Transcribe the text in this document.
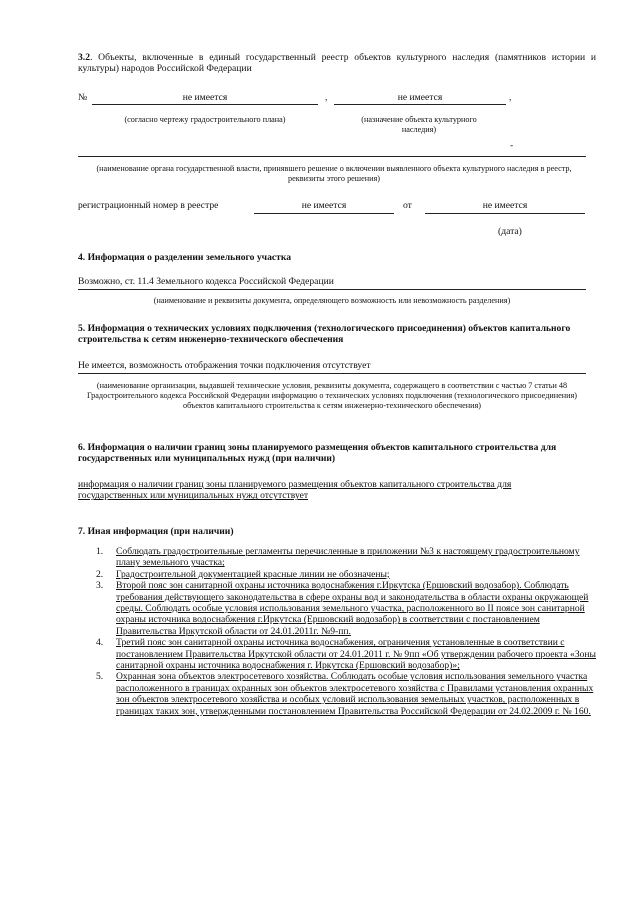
3.2. Объекты, включенные в единый государственный реестр объектов культурного наследия (памятников истории и культуры) народов Российской Федерации
№	не имеется	,	не имеется	,
(согласно чертежу градостроительного плана)	(назначение объекта культурного наследия)
-
(наименование органа государственной власти, принявшего решение о включении выявленного объекта культурного наследия в реестр, реквизиты этого решения)
регистрационный номер в реестре	не имеется	от	не имеется
(дата)
4. Информация о разделении земельного участка
Возможно, ст. 11.4 Земельного кодекса Российской Федерации
(наименование и реквизиты документа, определяющего возможность или невозможность разделения)
5. Информация о технических условиях подключения (технологического присоединения) объектов капитального строительства к сетям инженерно-технического обеспечения
Не имеется, возможность отображения точки подключения отсутствует
(наименование организации, выдавшей технические условия, реквизиты документа, содержащего в соответствии с частью 7 статьи 48 Градостроительного кодекса Российской Федерации информацию о технических условиях подключения (технологического присоединения) объектов капитального строительства к сетям инженерно-технического обеспечения)
6. Информация о наличии границ зоны планируемого размещения объектов капитального строительства для государственных или муниципальных нужд (при наличии)
информация о наличии границ зоны планируемого размещения объектов капитального строительства для государственных или муниципальных нужд отсутствует
7. Иная информация (при наличии)
1. Соблюдать градостроительные регламенты перечисленные в приложении №3 к настоящему градостроительному плану земельного участка;
2. Градостроительной документацией красные линии не обозначены;
3. Второй пояс зон санитарной охраны источника водоснабжения г.Иркутска (Ершовский водозабор). Соблюдать требования действующего законодательства в сфере охраны вод и законодательства в области охраны окружающей среды. Соблюдать особые условия использования земельного участка, расположенного во II поясе зон санитарной охраны источника водоснабжения г.Иркутска (Ершовский водозабор) в соответствии с постановлением Правительства Иркутской области от 24.01.2011г. №9-пп.
4. Третий пояс зон санитарной охраны источника водоснабжения, ограничения установленные в соответствии с постановлением Правительства Иркутской области от 24.01.2011 г. № 9пп «Об утверждении рабочего проекта «Зоны санитарной охраны источника водоснабжения г. Иркутска (Ершовский водозабор)»;
5. Охранная зона объектов электросетевого хозяйства. Соблюдать особые условия использования земельного участка расположенного в границах охранных зон объектов электросетевого хозяйства с Правилами установления охранных зон объектов электросетевого хозяйства и особых условий использования земельных участков, расположенных в границах таких зон, утвержденными постановлением Правительства Российской Федерации от 24.02.2009 г. № 160.
